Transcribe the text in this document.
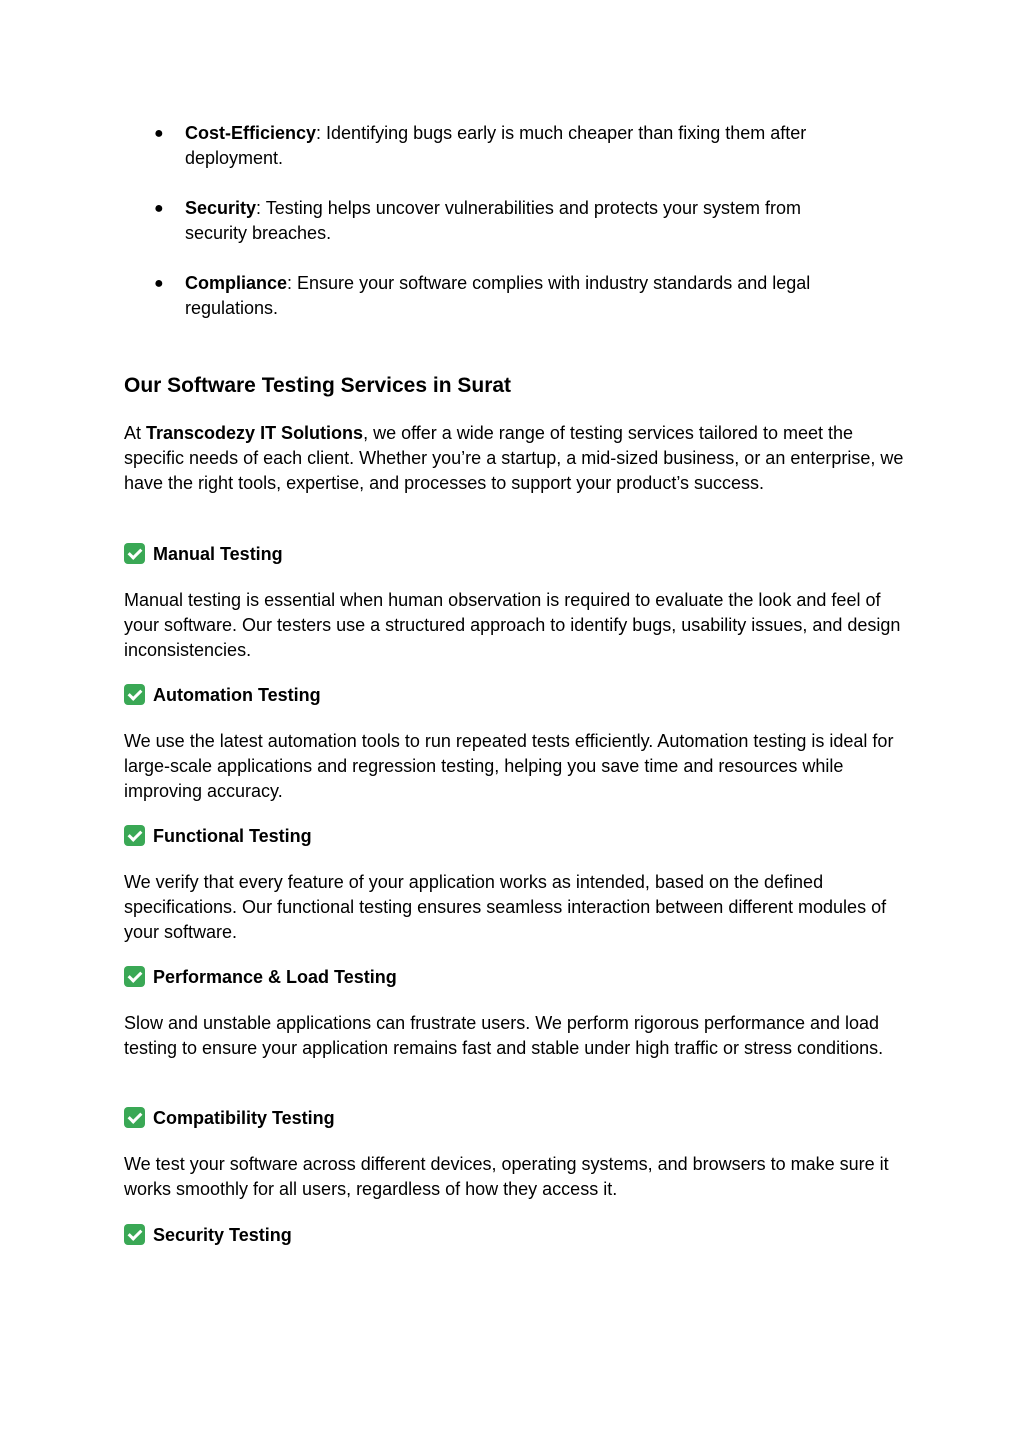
● Cost-Efficiency: Identifying bugs early is much cheaper than fixing them after deployment.
● Security: Testing helps uncover vulnerabilities and protects your system from security breaches.
● Compliance: Ensure your software complies with industry standards and legal regulations.
Our Software Testing Services in Surat

At Transcodezy IT Solutions, we offer a wide range of testing services tailored to meet the specific needs of each client. Whether you’re a startup, a mid-sized business, or an enterprise, we have the right tools, expertise, and processes to support your product’s success.

Manual Testing

Manual testing is essential when human observation is required to evaluate the look and feel of your software. Our testers use a structured approach to identify bugs, usability issues, and design inconsistencies.

Automation Testing

We use the latest automation tools to run repeated tests efficiently. Automation testing is ideal for large-scale applications and regression testing, helping you save time and resources while improving accuracy.

Functional Testing

We verify that every feature of your application works as intended, based on the defined specifications. Our functional testing ensures seamless interaction between different modules of your software.

Performance & Load Testing

Slow and unstable applications can frustrate users. We perform rigorous performance and load testing to ensure your application remains fast and stable under high traffic or stress conditions.

Compatibility Testing

We test your software across different devices, operating systems, and browsers to make sure it works smoothly for all users, regardless of how they access it.

Security Testing
